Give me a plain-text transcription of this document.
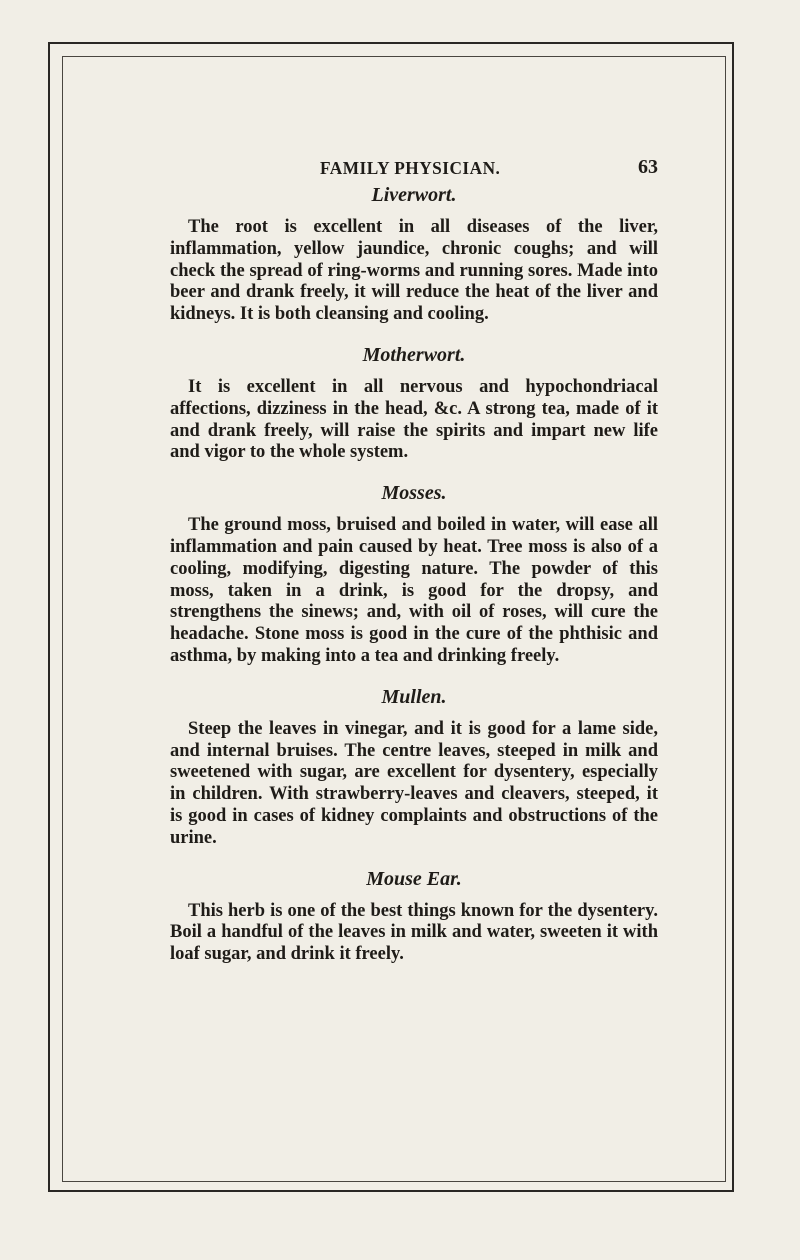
FAMILY PHYSICIAN.	63
Liverwort.

The root is excellent in all diseases of the liver, inflammation, yellow jaundice, chronic coughs; and will check the spread of ring-worms and running sores. Made into beer and drank freely, it will reduce the heat of the liver and kidneys. It is both cleansing and cooling.

Motherwort.

It is excellent in all nervous and hypochondriacal affections, dizziness in the head, &c. A strong tea, made of it and drank freely, will raise the spirits and impart new life and vigor to the whole system.

Mosses.

The ground moss, bruised and boiled in water, will ease all inflammation and pain caused by heat. Tree moss is also of a cooling, modifying, digesting nature. The powder of this moss, taken in a drink, is good for the dropsy, and strengthens the sinews; and, with oil of roses, will cure the headache. Stone moss is good in the cure of the phthisic and asthma, by making into a tea and drinking freely.

Mullen.

Steep the leaves in vinegar, and it is good for a lame side, and internal bruises. The centre leaves, steeped in milk and sweetened with sugar, are excellent for dysentery, especially in children. With strawberry-leaves and cleavers, steeped, it is good in cases of kidney complaints and obstructions of the urine.

Mouse Ear.

This herb is one of the best things known for the dysentery. Boil a handful of the leaves in milk and water, sweeten it with loaf sugar, and drink it freely.
